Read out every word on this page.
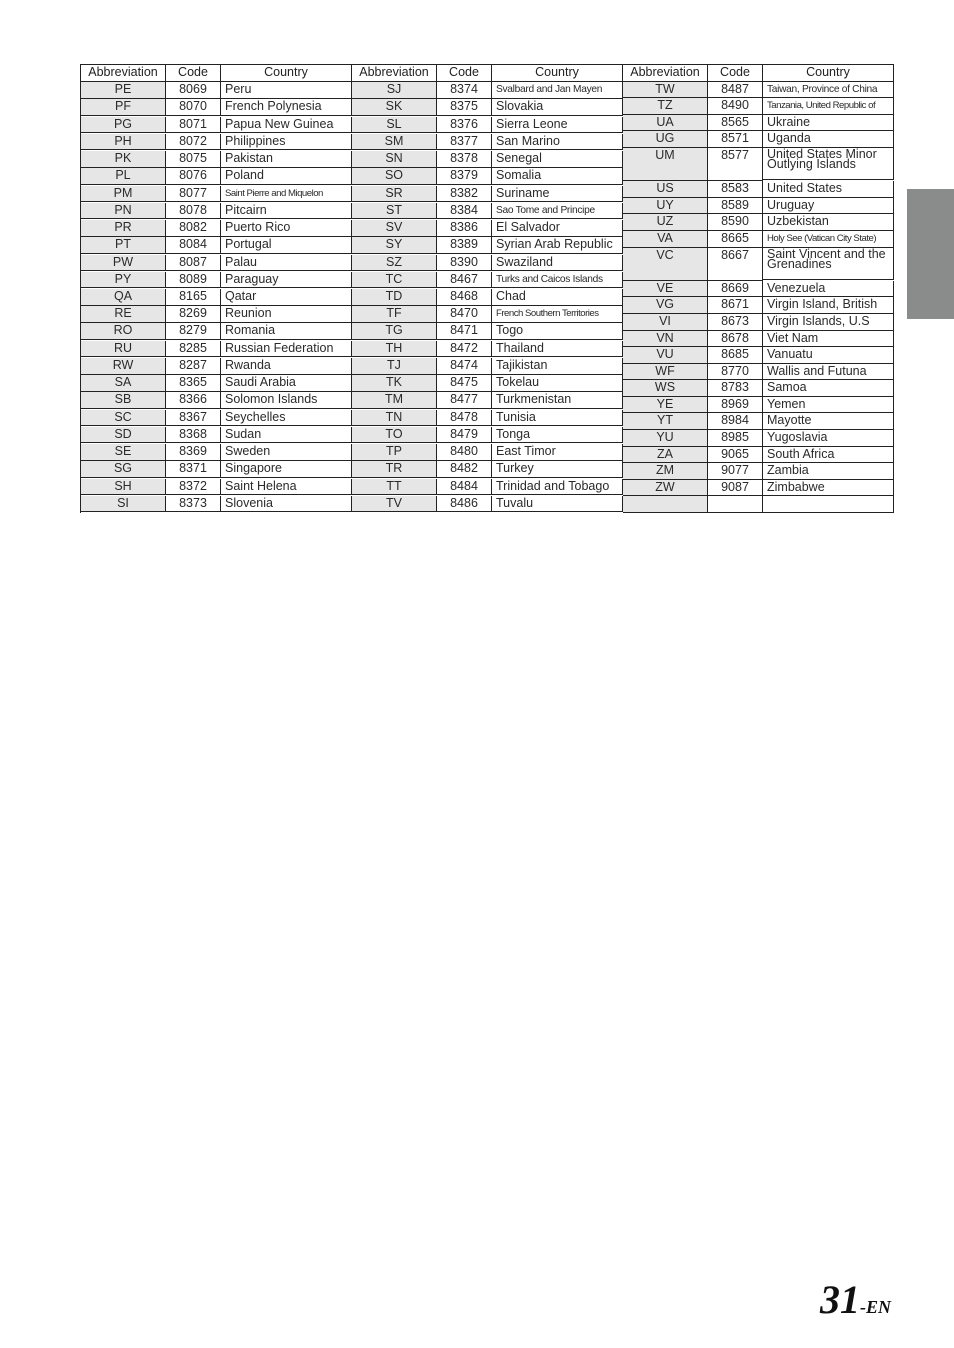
Abbreviation	Code	Country
PE	8069	Peru
PF	8070	French Polynesia
PG	8071	Papua New Guinea
PH	8072	Philippines
PK	8075	Pakistan
PL	8076	Poland
PM	8077	Saint Pierre and Miquelon
PN	8078	Pitcairn
PR	8082	Puerto Rico
PT	8084	Portugal
PW	8087	Palau
PY	8089	Paraguay
QA	8165	Qatar
RE	8269	Reunion
RO	8279	Romania
RU	8285	Russian Federation
RW	8287	Rwanda
SA	8365	Saudi Arabia
SB	8366	Solomon Islands
SC	8367	Seychelles
SD	8368	Sudan
SE	8369	Sweden
SG	8371	Singapore
SH	8372	Saint Helena
SI	8373	Slovenia
Abbreviation	Code	Country
SJ	8374	Svalbard and Jan Mayen
SK	8375	Slovakia
SL	8376	Sierra Leone
SM	8377	San Marino
SN	8378	Senegal
SO	8379	Somalia
SR	8382	Suriname
ST	8384	Sao Tome and Principe
SV	8386	El Salvador
SY	8389	Syrian Arab Republic
SZ	8390	Swaziland
TC	8467	Turks and Caicos Islands
TD	8468	Chad
TF	8470	French Southern Territories
TG	8471	Togo
TH	8472	Thailand
TJ	8474	Tajikistan
TK	8475	Tokelau
TM	8477	Turkmenistan
TN	8478	Tunisia
TO	8479	Tonga
TP	8480	East Timor
TR	8482	Turkey
TT	8484	Trinidad and Tobago
TV	8486	Tuvalu
Abbreviation	Code	Country
TW	8487	Taiwan, Province of China
TZ	8490	Tanzania, United Republic of
UA	8565	Ukraine
UG	8571	Uganda
UM	8577	United States Minor Outlying Islands
US	8583	United States
UY	8589	Uruguay
UZ	8590	Uzbekistan
VA	8665	Holy See (Vatican City State)
VC	8667	Saint Vincent and the Grenadines
VE	8669	Venezuela
VG	8671	Virgin Island, British
VI	8673	Virgin Islands, U.S
VN	8678	Viet Nam
VU	8685	Vanuatu
WF	8770	Wallis and Futuna
WS	8783	Samoa
YE	8969	Yemen
YT	8984	Mayotte
YU	8985	Yugoslavia
ZA	9065	South Africa
ZM	9077	Zambia
ZW	9087	Zimbabwe
31-EN
